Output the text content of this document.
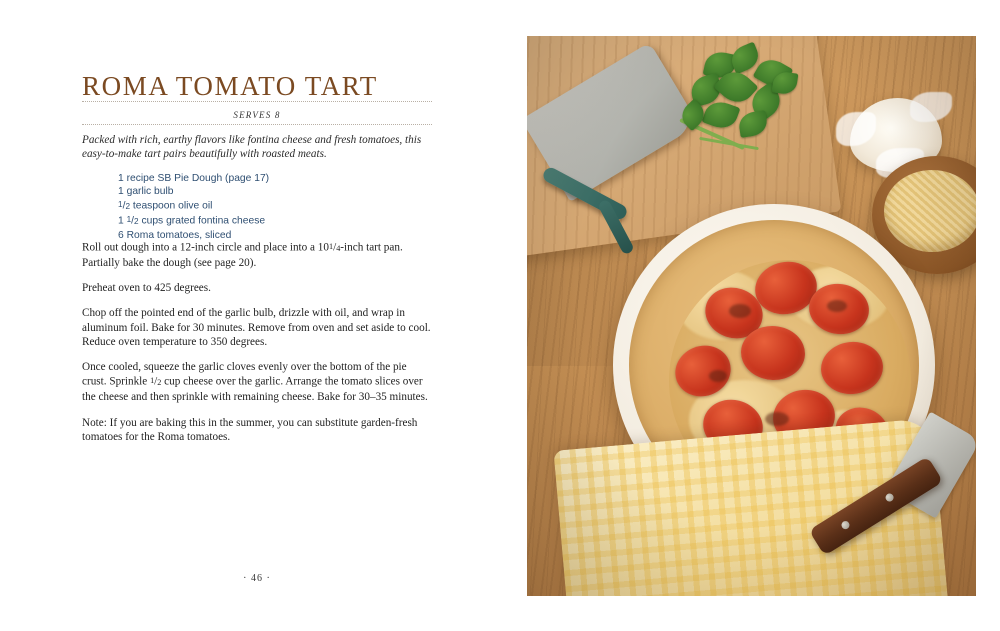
ROMA TOMATO TART
SERVES 8
Packed with rich, earthy flavors like fontina cheese and fresh tomatoes, this easy-to-make tart pairs beautifully with roasted meats.
1 recipe SB Pie Dough (page 17)
1 garlic bulb
1/2 teaspoon olive oil
1 1/2 cups grated fontina cheese
6 Roma tomatoes, sliced

Roll out dough into a 12-inch circle and place into a 101/4-inch tart pan. Partially bake the dough (see page 20).

Preheat oven to 425 degrees.

Chop off the pointed end of the garlic bulb, drizzle with oil, and wrap in aluminum foil. Bake for 30 minutes. Remove from oven and set aside to cool. Reduce oven temperature to 350 degrees.

Once cooled, squeeze the garlic cloves evenly over the bottom of the pie crust. Sprinkle 1/2 cup cheese over the garlic. Arrange the tomato slices over the cheese and then sprinkle with remaining cheese. Bake for 30–35 minutes.

Note: If you are baking this in the summer, you can substitute garden-fresh tomatoes for the Roma tomatoes.

· 46 ·
